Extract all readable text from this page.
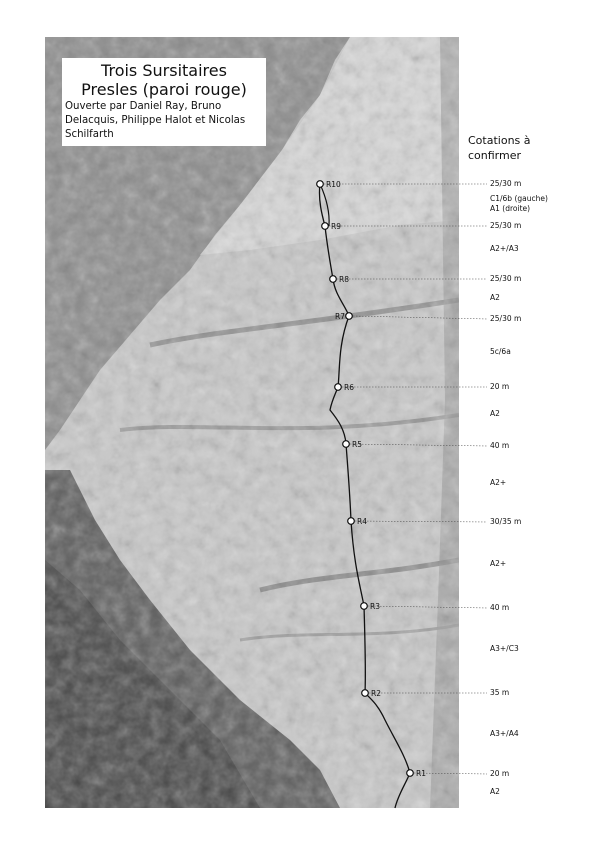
R1
R2
R3
R4
R5
R6
R7
R8
R9
R10
Trois Sursitaires
Presles (paroi rouge)
Ouverte par Daniel Ray, Bruno Delacquis, Philippe Halot et Nicolas Schilfarth	Cotations à confirmer
20 m
A2
35 m
A3+/A4
40 m
A3+/C3
30/35 m
A2+
40 m
A2+
20 m
A2
25/30 m
5c/6a
25/30 m
A2
25/30 m
A2+/A3
25/30 m
C1/6b (gauche)
A1 (droite)
